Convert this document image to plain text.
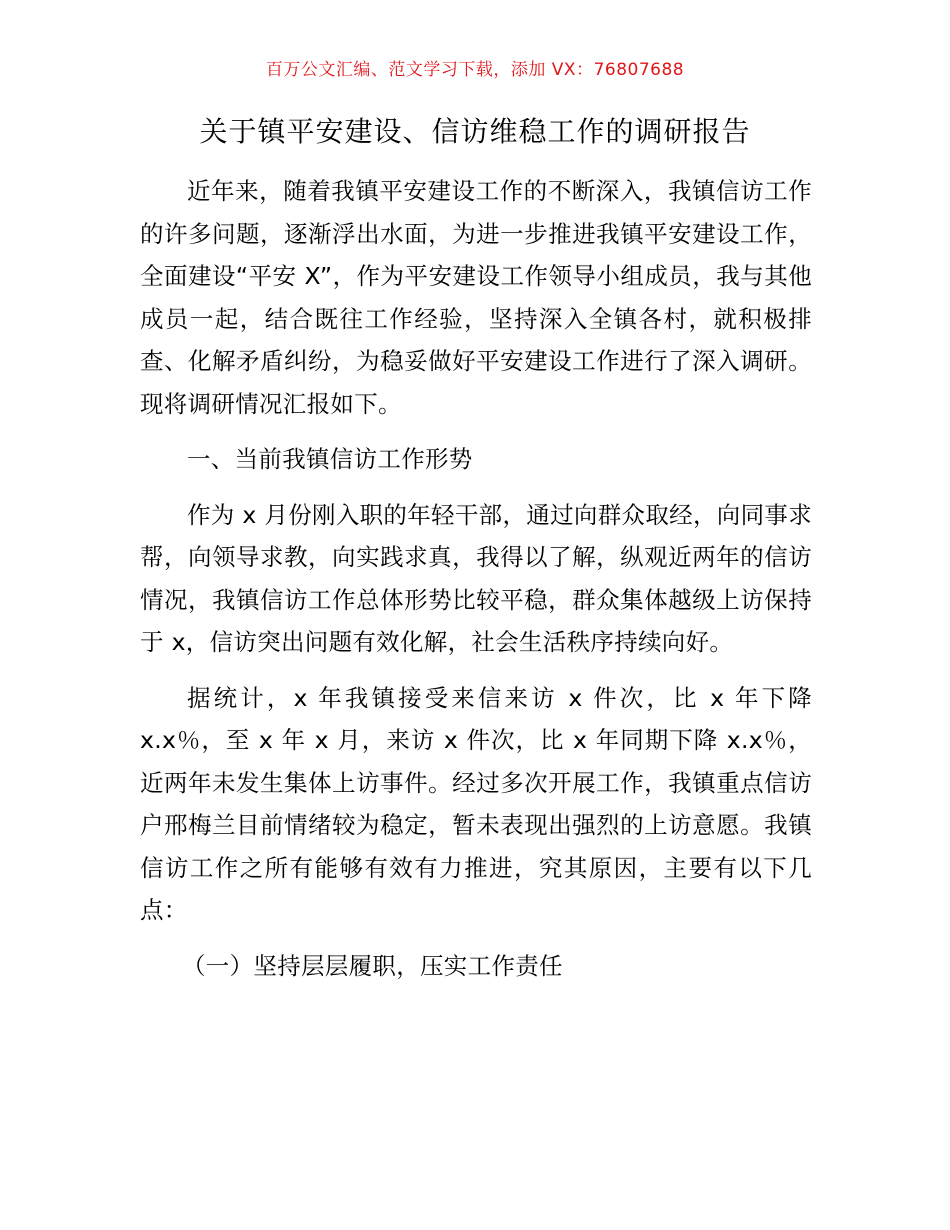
百万公文汇编、范文学习下载，添加 VX：76807688
关于镇平安建设、信访维稳工作的调研报告

近年来，随着我镇平安建设工作的不断深入，我镇信访工作的许多问题，逐渐浮出水面，为进一步推进我镇平安建设工作，全面建设“平安 X”，作为平安建设工作领导小组成员，我与其他成员一起，结合既往工作经验，坚持深入全镇各村，就积极排查、化解矛盾纠纷，为稳妥做好平安建设工作进行了深入调研。现将调研情况汇报如下。

一、当前我镇信访工作形势

作为 x 月份刚入职的年轻干部，通过向群众取经，向同事求帮，向领导求教，向实践求真，我得以了解，纵观近两年的信访情况，我镇信访工作总体形势比较平稳，群众集体越级上访保持于 x，信访突出问题有效化解，社会生活秩序持续向好。

据统计，x 年我镇接受来信来访 x 件次，比 x 年下降 x.x％，至 x 年 x 月，来访 x 件次，比 x 年同期下降 x.x％，近两年未发生集体上访事件。经过多次开展工作，我镇重点信访户邢梅兰目前情绪较为稳定，暂未表现出强烈的上访意愿。我镇信访工作之所有能够有效有力推进，究其原因，主要有以下几点：

（一）坚持层层履职，压实工作责任
